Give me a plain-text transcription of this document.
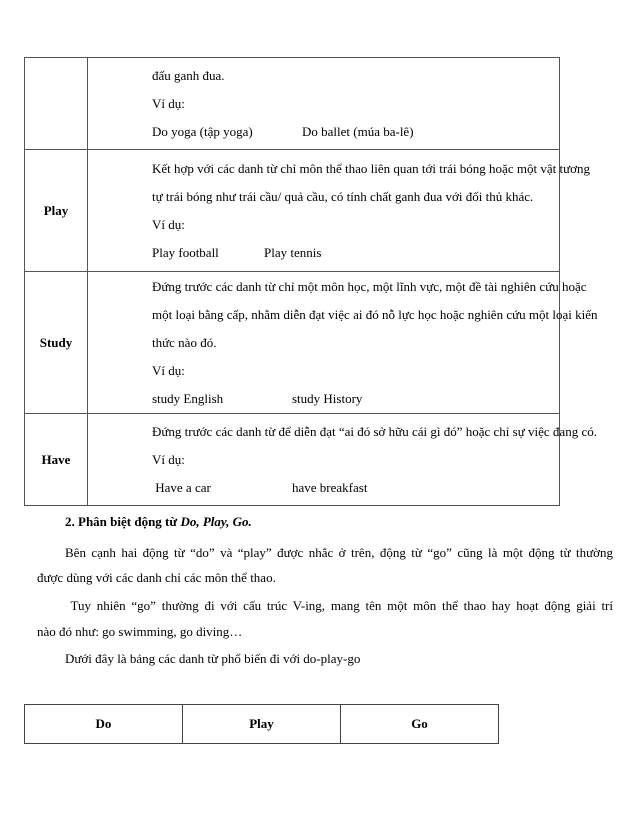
	đấu ganh đua.
Ví dụ:
Do yoga (tập yoga) Do ballet (múa ba-lê)

Play	Kết hợp với các danh từ chỉ môn thể thao liên quan tới trái bóng hoặc một vật tương
tự trái bóng như trái cầu/ quả cầu, có tính chất ganh đua với đối thủ khác.
Ví dụ:
Play football Play tennis

Study	Đứng trước các danh từ chỉ một môn học, một lĩnh vực, một đề tài nghiên cứu hoặc
một loại bằng cấp, nhằm diễn đạt việc ai đó nỗ lực học hoặc nghiên cứu một loại kiến
thức nào đó.
Ví dụ:
study English study History

Have	Đứng trước các danh từ để diễn đạt “ai đó sở hữu cái gì đó” hoặc chỉ sự việc đang có.
Ví dụ:
Have a car have breakfast
2. Phân biệt động từ Do, Play, Go.
Bên cạnh hai động từ “do” và “play” được nhắc ở trên, động từ “go” cũng là một động từ thường
được dùng với các danh chỉ các môn thể thao.
Tuy nhiên “go” thường đi với cấu trúc V-ing, mang tên một môn thể thao hay hoạt động giải trí
nào đó như: go swimming, go diving…
Dưới đây là bảng các danh từ phổ biến đi với do-play-go
Do	Play	Go
